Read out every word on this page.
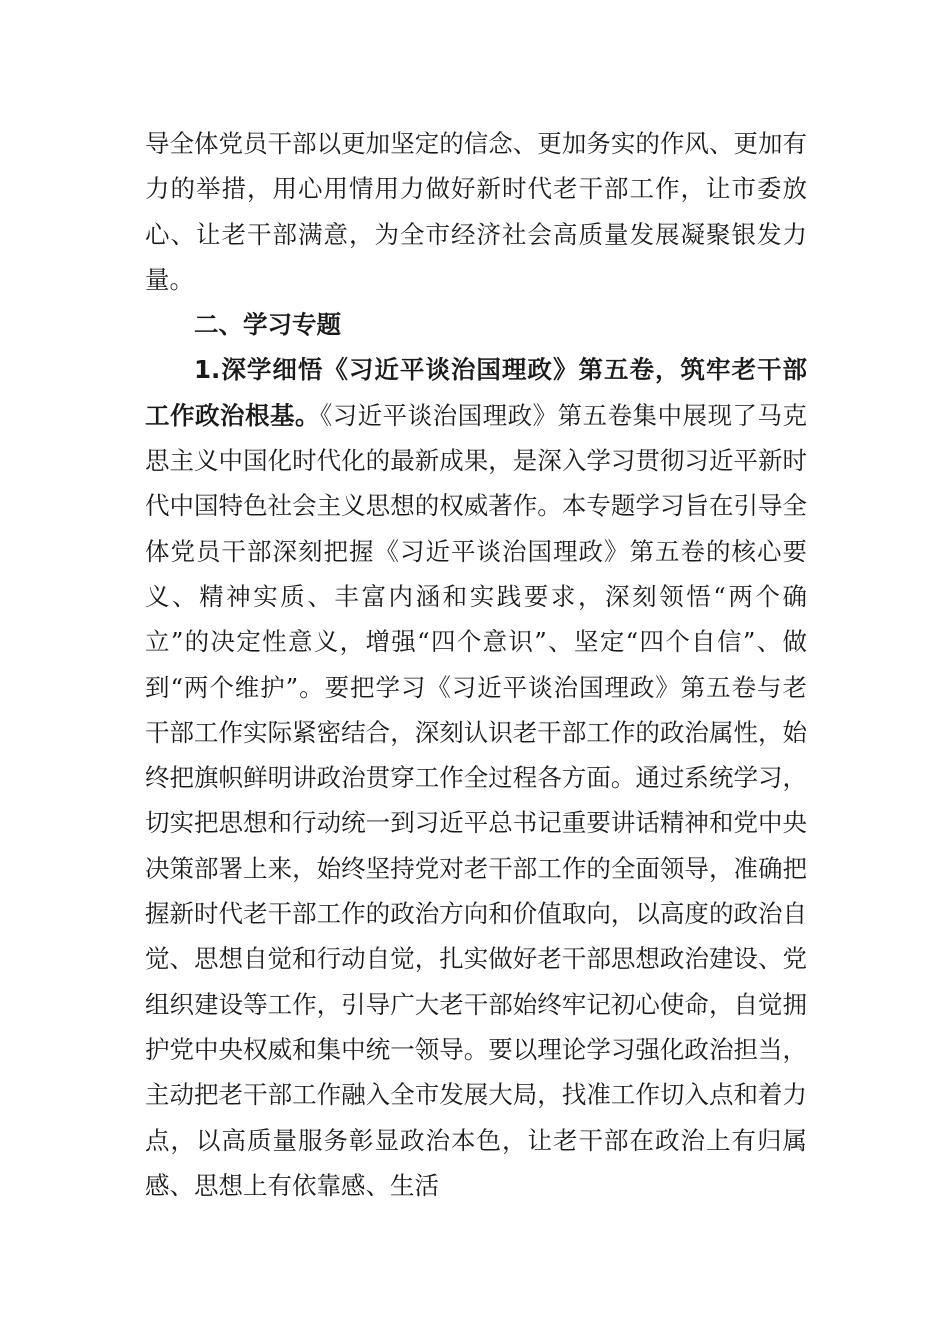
导全体党员干部以更加坚定的信念、更加务实的作风、更加有力的举措，用心用情用力做好新时代老干部工作，让市委放心、让老干部满意，为全市经济社会高质量发展凝聚银发力量。

二、学习专题

1.深学细悟《习近平谈治国理政》第五卷，筑牢老干部工作政治根基。《习近平谈治国理政》第五卷集中展现了马克思主义中国化时代化的最新成果，是深入学习贯彻习近平新时代中国特色社会主义思想的权威著作。本专题学习旨在引导全体党员干部深刻把握《习近平谈治国理政》第五卷的核心要义、精神实质、丰富内涵和实践要求，深刻领悟“两个确立”的决定性意义，增强“四个意识”、坚定“四个自信”、做到“两个维护”。要把学习《习近平谈治国理政》第五卷与老干部工作实际紧密结合，深刻认识老干部工作的政治属性，始终把旗帜鲜明讲政治贯穿工作全过程各方面。通过系统学习，切实把思想和行动统一到习近平总书记重要讲话精神和党中央决策部署上来，始终坚持党对老干部工作的全面领导，准确把握新时代老干部工作的政治方向和价值取向，以高度的政治自觉、思想自觉和行动自觉，扎实做好老干部思想政治建设、党组织建设等工作，引导广大老干部始终牢记初心使命，自觉拥护党中央权威和集中统一领导。要以理论学习强化政治担当，主动把老干部工作融入全市发展大局，找准工作切入点和着力点，以高质量服务彰显政治本色，让老干部在政治上有归属感、思想上有依靠感、生活
